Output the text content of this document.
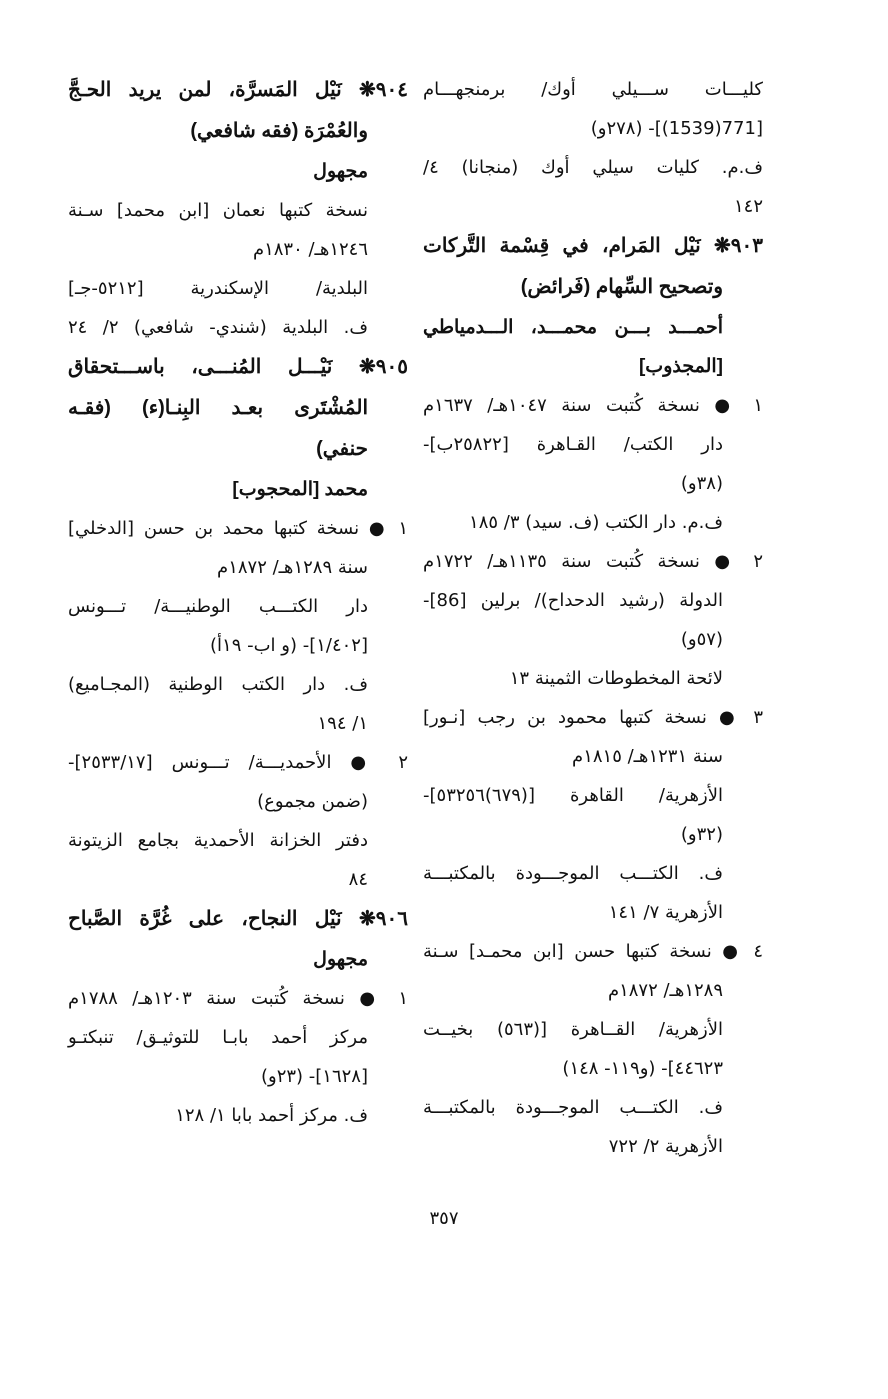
كليـــات ســـيلي أوك/ برمنجهـــام
[771(1539)]- (٢٧٨و)
ف.م. كليات سيلي أوك (منجانا) ٤/
١٤٢
٩٠٣❋ نَيْل المَرام، في قِسْمة التَّركات
وتصحيح السِّهام (فَرائض)
أحمـــد بـــن محمـــد، الـــدمياطي
[المجذوب]
١ ● نسخة كُتبت سنة ١٠٤٧هـ/ ١٦٣٧م
دار الكتب/ القـاهرة [٢٥٨٢٢ب]-
(٣٨و)
ف.م. دار الكتب (ف. سيد) ٣/ ١٨٥
٢ ● نسخة كُتبت سنة ١١٣٥هـ/ ١٧٢٢م
الدولة (رشيد الدحداح)/ برلين [86]-
(٥٧و)
لائحة المخطوطات الثمينة ١٣
٣ ● نسخة كتبها محمود بن رجب [نـور]
سنة ١٢٣١هـ/ ١٨١٥م
الأزهرية/ القاهرة [(٦٧٩)٥٣٢٥٦]-
(٣٢و)
ف. الكتـــب الموجـــودة بالمكتبـــة
الأزهرية ٧/ ١٤١
٤ ● نسخة كتبها حسن [ابن محمـد] سـنة
١٢٨٩هـ/ ١٨٧٢م
الأزهرية/ القــاهرة [(٥٦٣) بخيــت
٤٤٦٢٣]- (و١١٩- ١٤٨)
ف. الكتـــب الموجـــودة بالمكتبـــة
الأزهرية ٢/ ٧٢٢
٩٠٤❋ نَيْل المَسرَّة، لمن يريد الحـجَّ
والعُمْرَة (فقه شافعي)
مجهول
نسخة كتبها نعمان [ابن محمد] سـنة
١٢٤٦هـ/ ١٨٣٠م
البلدية/ الإسكندرية [٥٢١٢-جـ]
ف. البلدية (شندي- شافعي) ٢/ ٢٤
٩٠٥❋ نَيْـــل المُنـــى، باســـتحقاق
المُشْتَرى بعـد البِنـا(ء) (فقـه
حنفي)
محمد [المحجوب]
١ ● نسخة كتبها محمد بن حسن [الدخلي]
سنة ١٢٨٩هـ/ ١٨٧٢م
دار الكتـــب الوطنيـــة/ تـــونس
[١/٤٠٢]- (و اب- ١٩أ)
ف. دار الكتب الوطنية (المجـاميع)
١/ ١٩٤
٢ ● الأحمديـــة/ تـــونس [٢٥٣٣/١٧]-
(ضمن مجموع)
دفتر الخزانة الأحمدية بجامع الزيتونة
٨٤
٩٠٦❋ نَيْل النجاح، على غُرَّة الصَّباح
مجهول
١ ● نسخة كُتبت سنة ١٢٠٣هـ/ ١٧٨٨م
مركز أحمد بابـا للتوثيـق/ تنبكتـو
[١٦٢٨]- (٢٣و)
ف. مركز أحمد بابا ١/ ١٢٨
٣٥٧
